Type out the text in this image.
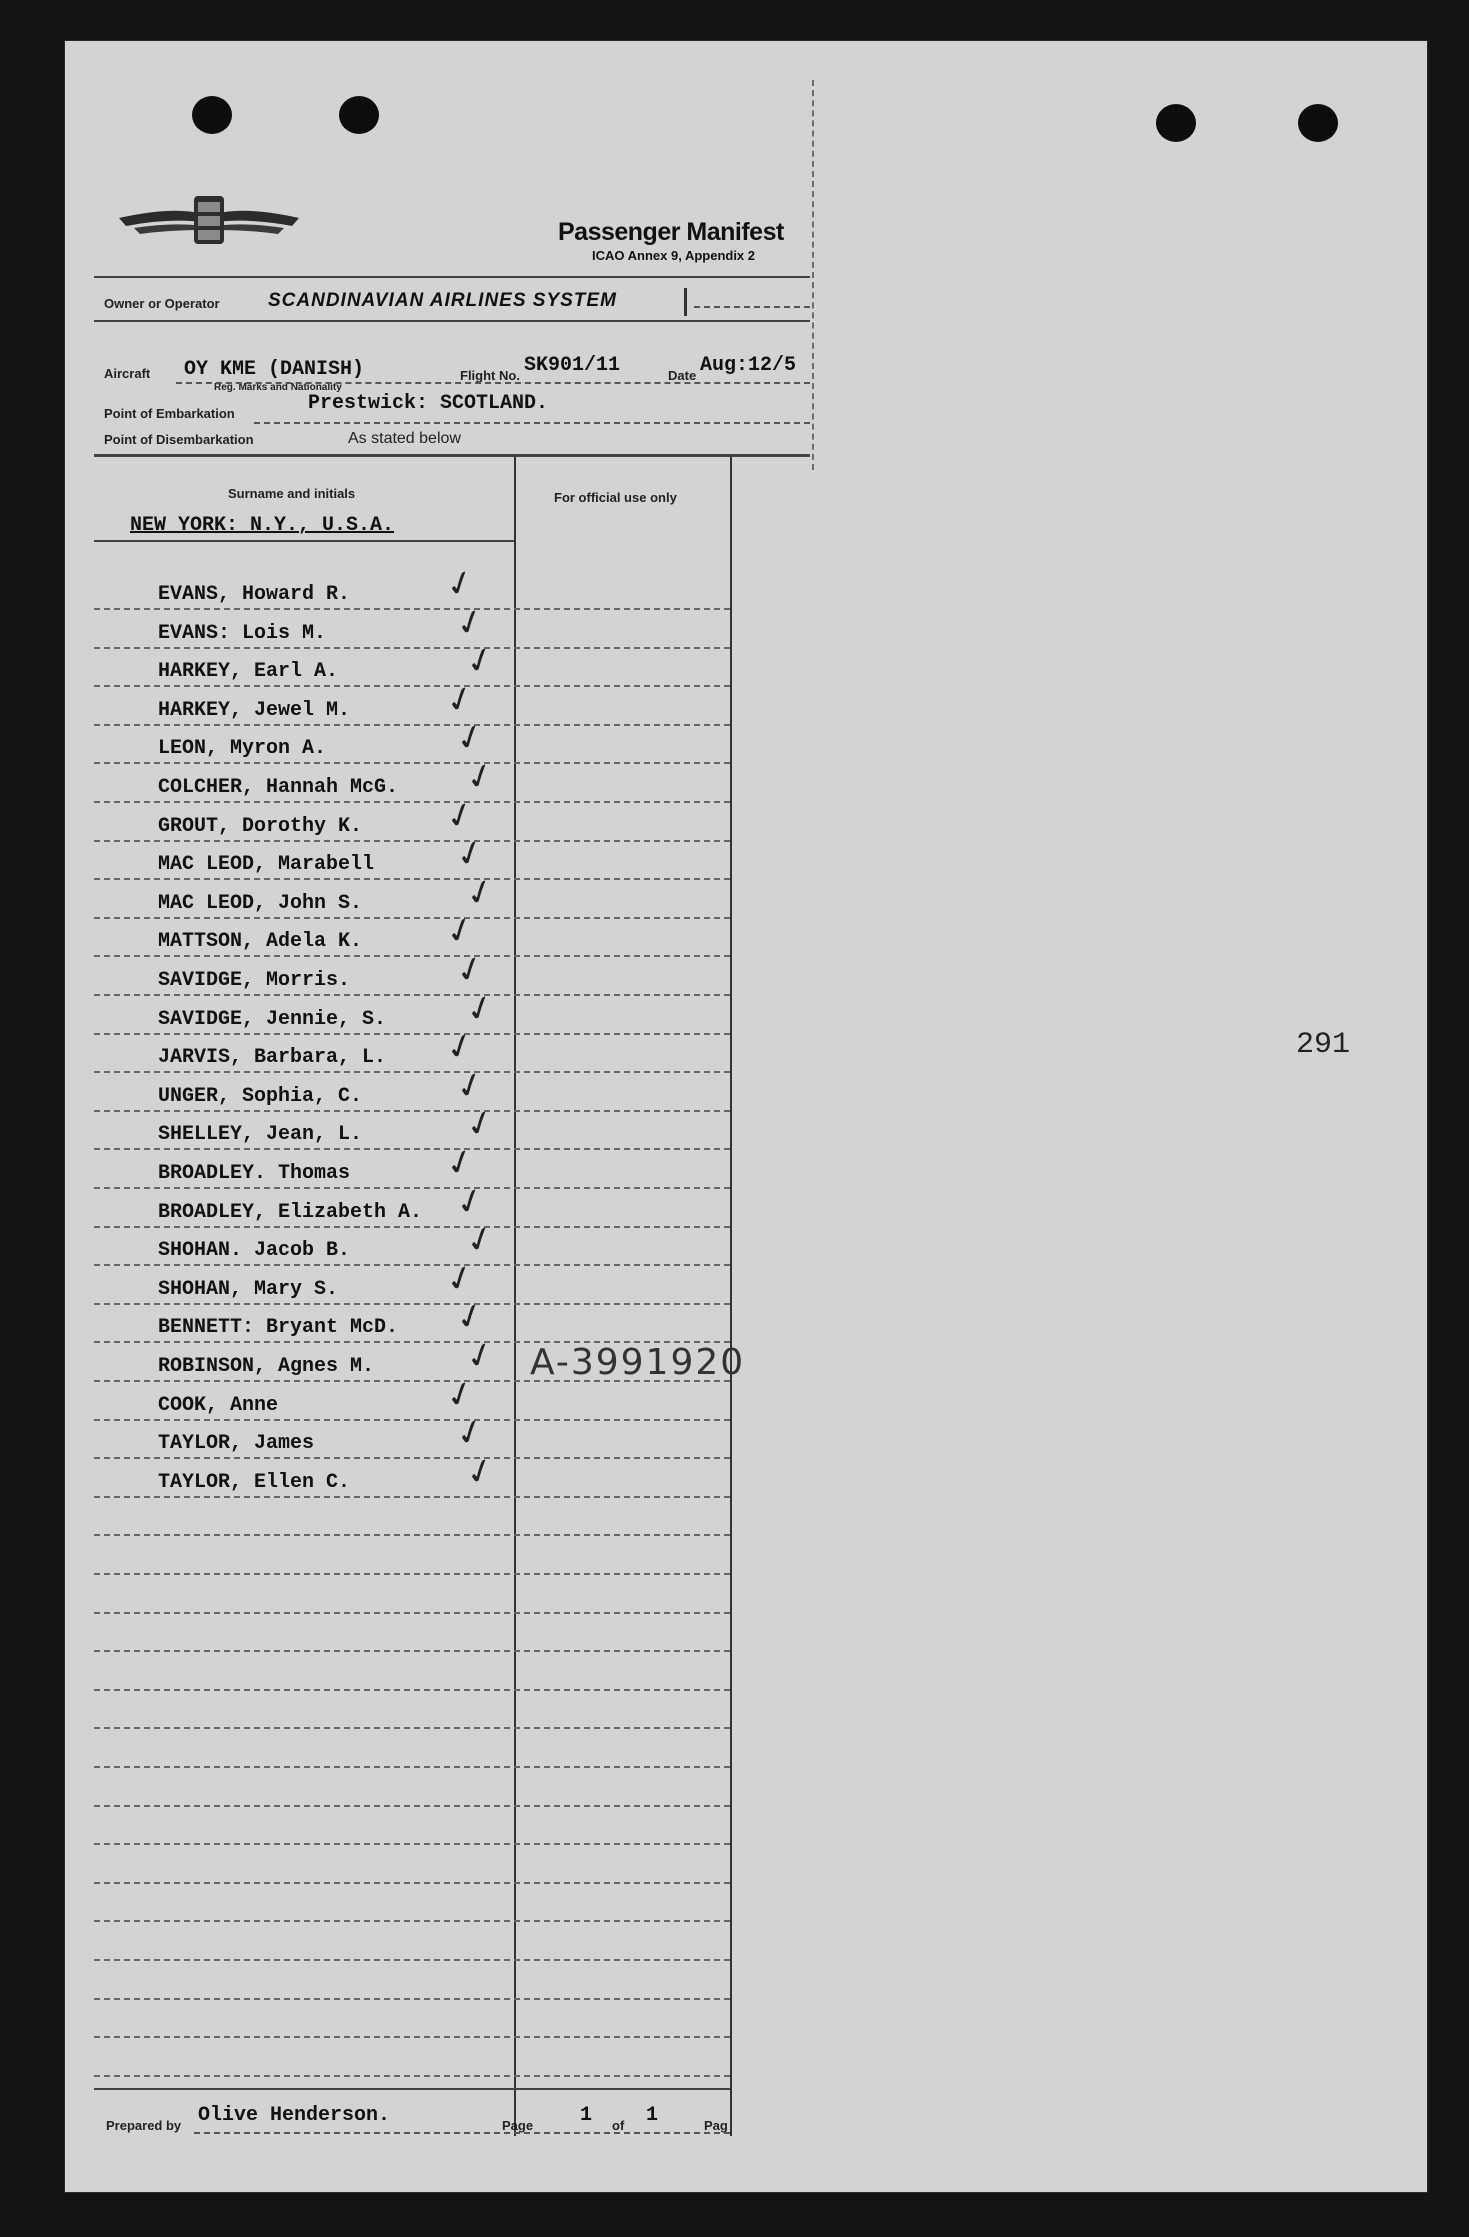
Passenger Manifest
ICAO Annex 9, Appendix 2
Owner or Operator	SCANDINAVIAN AIRLINES SYSTEM
Aircraft OY KME (DANISH)
Reg. Marks and Nationality
Flight No. SK901/11	Date Aug:12/5
Point of Embarkation	Prestwick: SCOTLAND.
Point of Disembarkation	As stated below
Surname and initials	For official use only
NEW YORK: N.Y., U.S.A.
A-3991920
291
Prepared by Olive Henderson.	Page 1 of 1	Pag
EVANS, Howard R.	✓
EVANS: Lois M.	✓
HARKEY, Earl A.	✓
HARKEY, Jewel M.	✓
LEON, Myron A.	✓
COLCHER, Hannah McG. ✓
GROUT, Dorothy K. ✓
MAC LEOD, Marabell ✓
MAC LEOD, John S.	✓
MATTSON, Adela K. ✓
SAVIDGE, Morris.	✓
SAVIDGE, Jennie, S. ✓
JARVIS, Barbara, L. ✓
UNGER, Sophia, C.	✓
SHELLEY, Jean, L.	✓
BROADLEY. Thomas	✓
BROADLEY, Elizabeth A. ✓
SHOHAN. Jacob B.	✓
SHOHAN, Mary S.	✓
BENNETT: Bryant McD. ✓
ROBINSON, Agnes M.	✓
COOK, Anne	✓
TAYLOR, James	✓
TAYLOR, Ellen C.	✓
